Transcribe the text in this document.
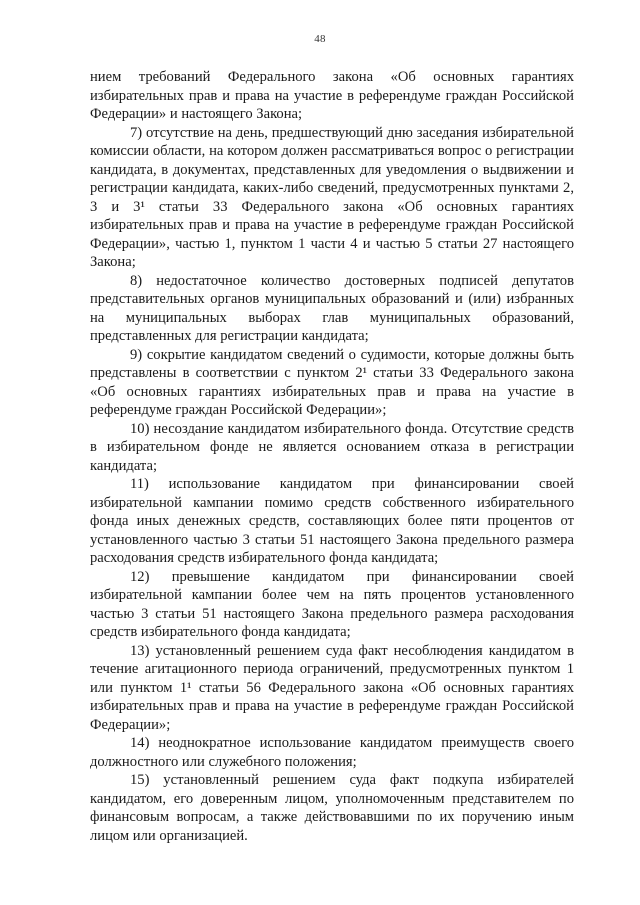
48

нием требований Федерального закона «Об основных гарантиях избирательных прав и права на участие в референдуме граждан Российской Федерации» и настоящего Закона;

7) отсутствие на день, предшествующий дню заседания избирательной комиссии области, на котором должен рассматриваться вопрос о регистрации кандидата, в документах, представленных для уведомления о выдвижении и регистрации кандидата, каких-либо сведений, предусмотренных пунктами 2, 3 и 3¹ статьи 33 Федерального закона «Об основных гарантиях избирательных прав и права на участие в референдуме граждан Российской Федерации», частью 1, пунктом 1 части 4 и частью 5 статьи 27 настоящего Закона;

8) недостаточное количество достоверных подписей депутатов представительных органов муниципальных образований и (или) избранных на муниципальных выборах глав муниципальных образований, представленных для регистрации кандидата;

9) сокрытие кандидатом сведений о судимости, которые должны быть представлены в соответствии с пунктом 2¹ статьи 33 Федерального закона «Об основных гарантиях избирательных прав и права на участие в референдуме граждан Российской Федерации»;

10) несоздание кандидатом избирательного фонда. Отсутствие средств в избирательном фонде не является основанием отказа в регистрации кандидата;

11) использование кандидатом при финансировании своей избирательной кампании помимо средств собственного избирательного фонда иных денежных средств, составляющих более пяти процентов от установленного частью 3 статьи 51 настоящего Закона предельного размера расходования средств избирательного фонда кандидата;

12) превышение кандидатом при финансировании своей избирательной кампании более чем на пять процентов установленного частью 3 статьи 51 настоящего Закона предельного размера расходования средств избирательного фонда кандидата;

13) установленный решением суда факт несоблюдения кандидатом в течение агитационного периода ограничений, предусмотренных пунктом 1 или пунктом 1¹ статьи 56 Федерального закона «Об основных гарантиях избирательных прав и права на участие в референдуме граждан Российской Федерации»;

14) неоднократное использование кандидатом преимуществ своего должностного или служебного положения;

15) установленный решением суда факт подкупа избирателей кандидатом, его доверенным лицом, уполномоченным представителем по финансовым вопросам, а также действовавшими по их поручению иным лицом или организацией.
